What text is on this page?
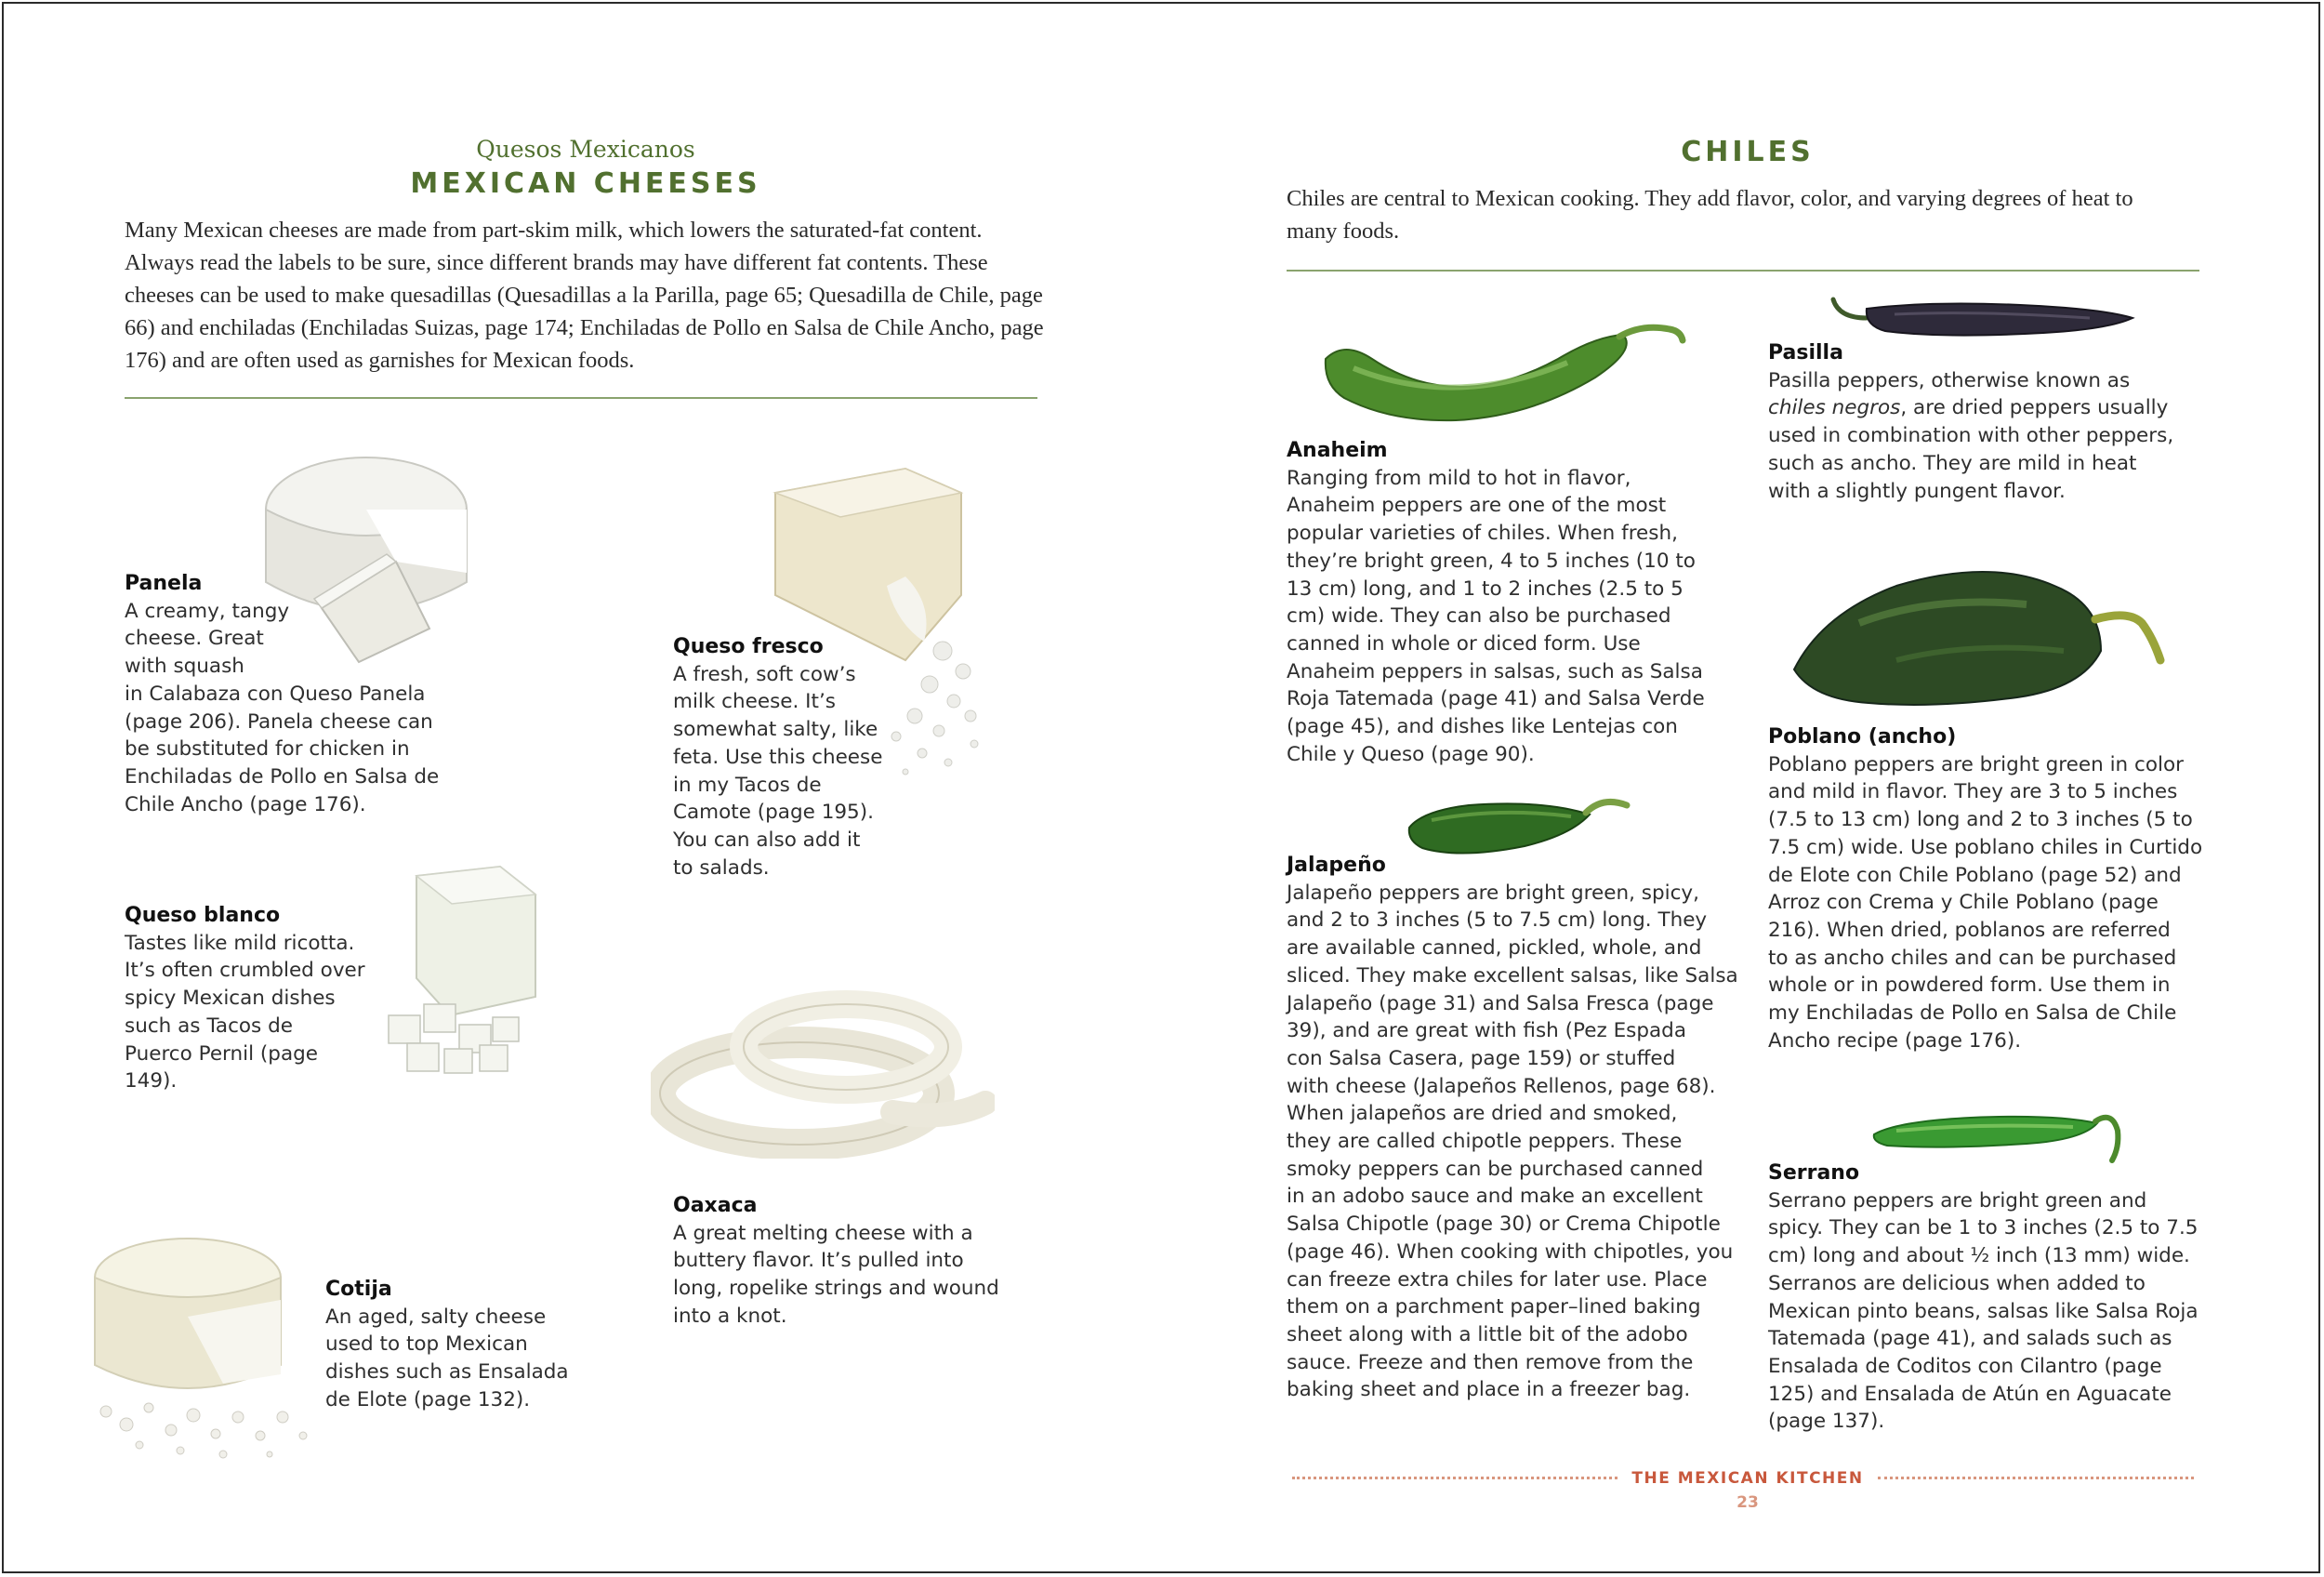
Quesos Mexicanos
MEXICAN CHEESES
Many Mexican cheeses are made from part-skim milk, which lowers the saturated-fat content. Always read the labels to be sure, since different brands may have different fat contents. These cheeses can be used to make quesadillas (Quesadillas a la Parilla, page 65; Quesadilla de Chile, page 66) and enchiladas (Enchiladas Suizas, page 174; Enchiladas de Pollo en Salsa de Chile Ancho, page 176) and are often used as garnishes for Mexican foods.
Panela
A creamy, tangy
cheese. Great
with squash
in Calabaza con Queso Panela
(page 206). Panela cheese can
be substituted for chicken in
Enchiladas de Pollo en Salsa de
Chile Ancho (page 176).
Queso fresco
A fresh, soft cow’s
milk cheese. It’s
somewhat salty, like
feta. Use this cheese
in my Tacos de
Camote (page 195).
You can also add it
to salads.
Queso blanco
Tastes like mild ricotta.
It’s often crumbled over
spicy Mexican dishes
such as Tacos de
Puerco Pernil (page
149).
Oaxaca
A great melting cheese with a
buttery flavor. It’s pulled into
long, ropelike strings and wound
into a knot.
Cotija
An aged, salty cheese
used to top Mexican
dishes such as Ensalada
de Elote (page 132).
CHILES
Chiles are central to Mexican cooking. They add flavor, color, and varying degrees of heat to many foods.
Anaheim
Ranging from mild to hot in flavor,
Anaheim peppers are one of the most
popular varieties of chiles. When fresh,
they’re bright green, 4 to 5 inches (10 to
13 cm) long, and 1 to 2 inches (2.5 to 5
cm) wide. They can also be purchased
canned in whole or diced form. Use
Anaheim peppers in salsas, such as Salsa
Roja Tatemada (page 41) and Salsa Verde
(page 45), and dishes like Lentejas con
Chile y Queso (page 90).
Pasilla
Pasilla peppers, otherwise known as
chiles negros, are dried peppers usually
used in combination with other peppers,
such as ancho. They are mild in heat
with a slightly pungent flavor.
Jalapeño
Jalapeño peppers are bright green, spicy,
and 2 to 3 inches (5 to 7.5 cm) long. They
are available canned, pickled, whole, and
sliced. They make excellent salsas, like Salsa
Jalapeño (page 31) and Salsa Fresca (page
39), and are great with fish (Pez Espada
con Salsa Casera, page 159) or stuffed
with cheese (Jalapeños Rellenos, page 68).
When jalapeños are dried and smoked,
they are called chipotle peppers. These
smoky peppers can be purchased canned
in an adobo sauce and make an excellent
Salsa Chipotle (page 30) or Crema Chipotle
(page 46). When cooking with chipotles, you
can freeze extra chiles for later use. Place
them on a parchment paper–lined baking
sheet along with a little bit of the adobo
sauce. Freeze and then remove from the
baking sheet and place in a freezer bag.
Poblano (ancho)
Poblano peppers are bright green in color
and mild in flavor. They are 3 to 5 inches
(7.5 to 13 cm) long and 2 to 3 inches (5 to
7.5 cm) wide. Use poblano chiles in Curtido
de Elote con Chile Poblano (page 52) and
Arroz con Crema y Chile Poblano (page
216). When dried, poblanos are referred
to as ancho chiles and can be purchased
whole or in powdered form. Use them in
my Enchiladas de Pollo en Salsa de Chile
Ancho recipe (page 176).
Serrano
Serrano peppers are bright green and
spicy. They can be 1 to 3 inches (2.5 to 7.5
cm) long and about ½ inch (13 mm) wide.
Serranos are delicious when added to
Mexican pinto beans, salsas like Salsa Roja
Tatemada (page 41), and salads such as
Ensalada de Coditos con Cilantro (page
125) and Ensalada de Atún en Aguacate
(page 137).
THE MEXICAN KITCHEN
23
